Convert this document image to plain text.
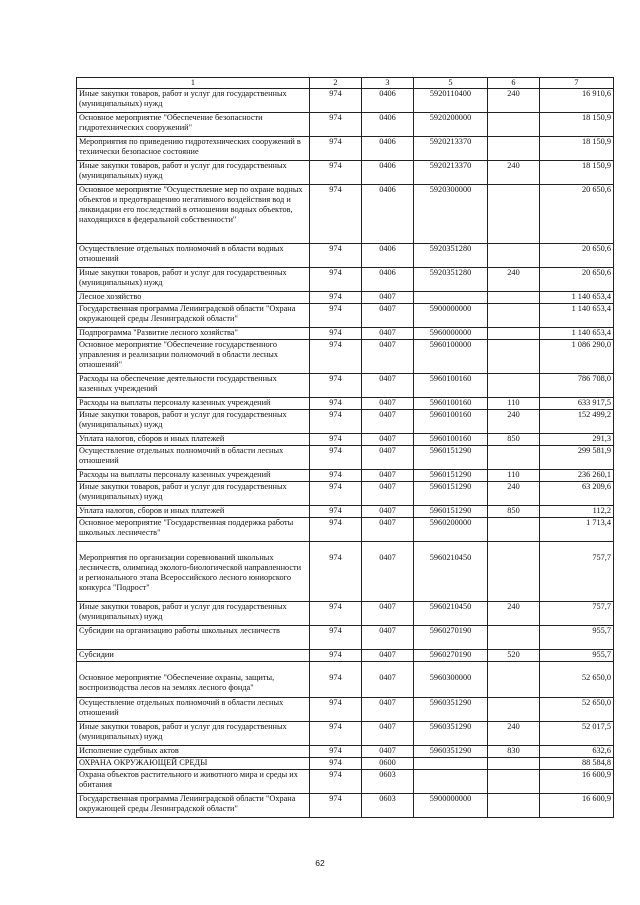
1	2	3	5	6	7
Иные закупки товаров, работ и услуг для государственных (муниципальных) нужд	974	0406	5920110400	240	16 910,6
Основное мероприятие "Обеспечение безопасности гидротехнических сооружений"	974	0406	5920200000		18 150,9
Мероприятия по приведению гидротехнических сооружений в технически безопасное состояние	974	0406	5920213370		18 150,9
Иные закупки товаров, работ и услуг для государственных (муниципальных) нужд	974	0406	5920213370	240	18 150,9
Основное мероприятие "Осуществление мер по охране водных объектов и предотвращению негативного воздействия вод и ликвидации его последствий в отношении водных объектов, находящихся в федеральной собственности"	974	0406	5920300000		20 650,6
Осуществление отдельных полномочий в области водных отношений	974	0406	5920351280		20 650,6
Иные закупки товаров, работ и услуг для государственных (муниципальных) нужд	974	0406	5920351280	240	20 650,6
Лесное хозяйство	974	0407			1 140 653,4
Государственная программа Ленинградской области "Охрана окружающей среды Ленинградской области"	974	0407	5900000000		1 140 653,4
Подпрограмма "Развитие лесного хозяйства"	974	0407	5960000000		1 140 653,4
Основное мероприятие "Обеспечение государственного управления и реализации полномочий в области лесных отношений"	974	0407	5960100000		1 086 290,0
Расходы на обеспечение деятельности государственных казенных учреждений	974	0407	5960100160		786 708,0
Расходы на выплаты персоналу казенных учреждений	974	0407	5960100160	110	633 917,5
Иные закупки товаров, работ и услуг для государственных (муниципальных) нужд	974	0407	5960100160	240	152 499,2
Уплата налогов, сборов и иных платежей	974	0407	5960100160	850	291,3
Осуществление отдельных полномочий в области лесных отношений	974	0407	5960151290		299 581,9
Расходы на выплаты персоналу казенных учреждений	974	0407	5960151290	110	236 260,1
Иные закупки товаров, работ и услуг для государственных (муниципальных) нужд	974	0407	5960151290	240	63 209,6
Уплата налогов, сборов и иных платежей	974	0407	5960151290	850	112,2
Основное мероприятие "Государственная поддержка работы школьных лесничеств"	974	0407	5960200000		1 713,4
Мероприятия по организации соревнований школьных лесничеств, олимпиад эколого-биологической направленности и регионального этапа Всероссийского лесного юниорского конкурса "Подрост"	974	0407	5960210450		757,7
Иные закупки товаров, работ и услуг для государственных (муниципальных) нужд	974	0407	5960210450	240	757,7
Субсидии на организацию работы школьных лесничеств	974	0407	5960270190		955,7
Субсидии	974	0407	5960270190	520	955,7
Основное мероприятие "Обеспечение охраны, защиты, воспроизводства лесов на землях лесного фонда"	974	0407	5960300000		52 650,0
Осуществление отдельных полномочий в области лесных отношений	974	0407	5960351290		52 650,0
Иные закупки товаров, работ и услуг для государственных (муниципальных) нужд	974	0407	5960351290	240	52 017,5
Исполнение судебных актов	974	0407	5960351290	830	632,6
ОХРАНА ОКРУЖАЮЩЕЙ СРЕДЫ	974	0600			88 584,8
Охрана объектов растительного и животного мира и среды их обитания	974	0603			16 600,9
Государственная программа Ленинградской области "Охрана окружающей среды Ленинградской области"	974	0603	5900000000		16 600,9
62
